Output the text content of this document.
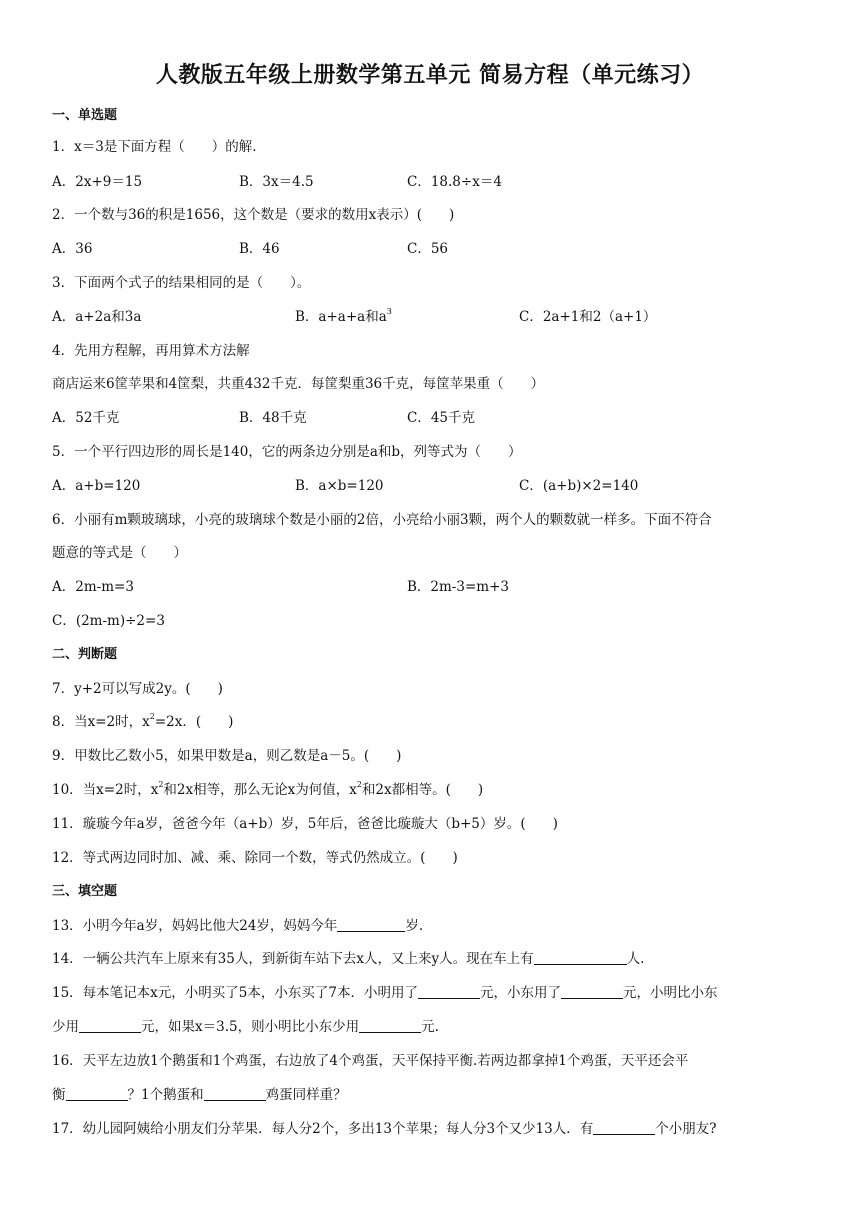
人教版五年级上册数学第五单元 简易方程（单元练习）
一、单选题
1．x＝3是下面方程（　　）的解.
A．2x+9＝15	B．3x＝4.5	C．18.8÷x＝4
2．一个数与36的积是1656，这个数是（要求的数用x表示）(　　)
A．36	B．46	C．56
3．下面两个式子的结果相同的是（　　）。
A．a+2a和3a	B．a+a+a和$a^3$	C．2a+1和2（a+1）
4．先用方程解，再用算术方法解
商店运来6筐苹果和4筐梨，共重432千克．每筐梨重36千克，每筐苹果重（　　）
A．52千克	B．48千克	C．45千克
5．一个平行四边形的周长是140，它的两条边分别是a和b，列等式为（　　）
A．a+b=120	B．a×b=120	C．(a+b)×2=140
6．小丽有m颗玻璃球，小亮的玻璃球个数是小丽的2倍，小亮给小丽3颗，两个人的颗数就一样多。下面不符合
题意的等式是（　　）
A．2m-m=3	B．2m-3=m+3
C．(2m-m)÷2=3
二、判断题
7．y+2可以写成2y。(　　)
8．当x=2时，$x^2=2x$．(　　)
9．甲数比乙数小5，如果甲数是a，则乙数是a－5。(　　)
10．当x=2时，$x^2$和2x相等，那么无论x为何值，$x^2$和2x都相等。(　　)
11．璇璇今年a岁，爸爸今年（a+b）岁，5年后，爸爸比璇璇大（b+5）岁。(　　)
12．等式两边同时加、减、乘、除同一个数，等式仍然成立。(　　)
三、填空题
13．小明今年a岁，妈妈比他大24岁，妈妈今年	岁.
14．一辆公共汽车上原来有35人，到新街车站下去x人，又上来y人。现在车上有	人.
15．每本笔记本x元，小明买了5本，小东买了7本．小明用了	元，小东用了	元，小明比小东
少用	元，如果x＝3.5，则小明比小东少用	元.
16．天平左边放1个鹅蛋和1个鸡蛋，右边放了4个鸡蛋，天平保持平衡.若两边都拿掉1个鸡蛋，天平还会平
衡	？1个鹅蛋和	鸡蛋同样重？
17．幼儿园阿姨给小朋友们分苹果．每人分2个，多出13个苹果；每人分3个又少13人．有	个小朋友?
